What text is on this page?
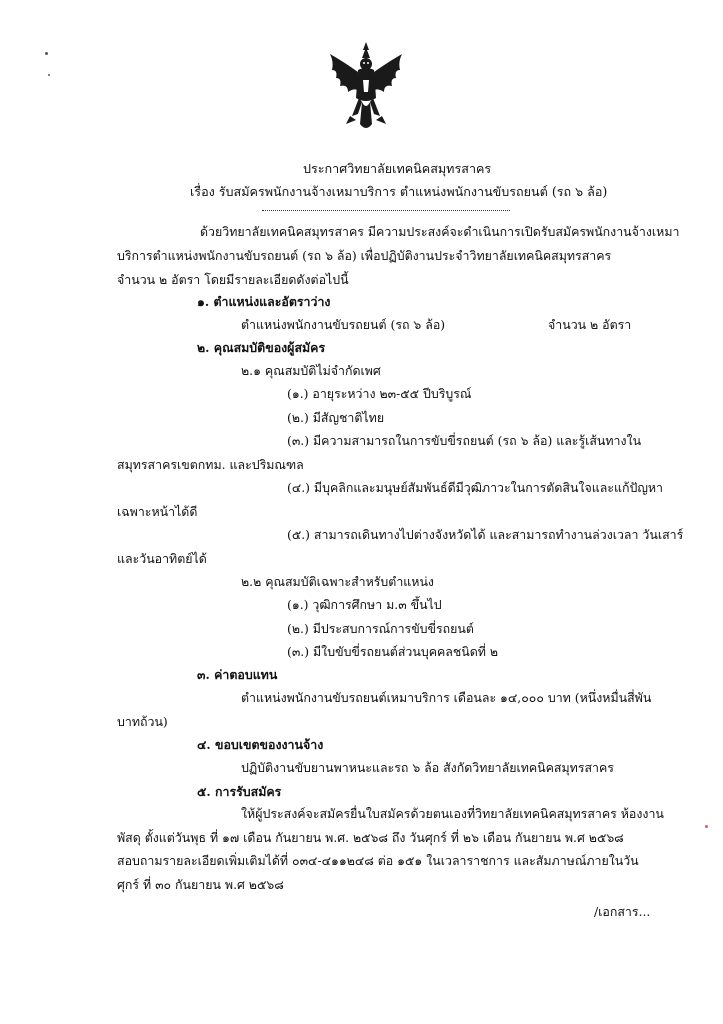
ประกาศวิทยาลัยเทคนิคสมุทรสาคร
เรื่อง รับสมัครพนักงานจ้างเหมาบริการ ตำแหน่งพนักงานขับรถยนต์ (รถ ๖ ล้อ)
ด้วยวิทยาลัยเทคนิคสมุทรสาคร มีความประสงค์จะดำเนินการเปิดรับสมัครพนักงานจ้างเหมา
บริการตำแหน่งพนักงานขับรถยนต์ (รถ ๖ ล้อ) เพื่อปฏิบัติงานประจำวิทยาลัยเทคนิคสมุทรสาคร
จำนวน ๒ อัตรา โดยมีรายละเอียดดังต่อไปนี้
๑. ตำแหน่งและอัตราว่าง
ตำแหน่งพนักงานขับรถยนต์ (รถ ๖ ล้อ)	จำนวน ๒ อัตรา
๒. คุณสมบัติของผู้สมัคร
๒.๑ คุณสมบัติไม่จำกัดเพศ
(๑.) อายุระหว่าง ๒๓-๕๕ ปีบริบูรณ์
(๒.) มีสัญชาติไทย
(๓.) มีความสามารถในการขับขี่รถยนต์ (รถ ๖ ล้อ) และรู้เส้นทางใน
สมุทรสาครเขตกทม. และปริมณฑล
(๔.) มีบุคลิกและมนุษย์สัมพันธ์ดีมีวุฒิภาวะในการตัดสินใจและแก้ปัญหา
เฉพาะหน้าได้ดี
(๕.) สามารถเดินทางไปต่างจังหวัดได้ และสามารถทำงานล่วงเวลา วันเสาร์
และวันอาทิตย์ได้
๒.๒ คุณสมบัติเฉพาะสำหรับตำแหน่ง
(๑.) วุฒิการศึกษา ม.๓ ขึ้นไป
(๒.) มีประสบการณ์การขับขี่รถยนต์
(๓.) มีใบขับขี่รถยนต์ส่วนบุคคลชนิดที่ ๒
๓. ค่าตอบแทน
ตำแหน่งพนักงานขับรถยนต์เหมาบริการ เดือนละ ๑๔,๐๐๐ บาท (หนึ่งหมื่นสี่พัน
บาทถ้วน)
๔. ขอบเขตของงานจ้าง
ปฏิบัติงานขับยานพาหนะและรถ ๖ ล้อ สังกัดวิทยาลัยเทคนิคสมุทรสาคร
๕. การรับสมัคร
ให้ผู้ประสงค์จะสมัครยื่นใบสมัครด้วยตนเองที่วิทยาลัยเทคนิคสมุทรสาคร ห้องงาน
พัสดุ ตั้งแต่วันพุธ ที่ ๑๗ เดือน กันยายน พ.ศ. ๒๕๖๘ ถึง วันศุกร์ ที่ ๒๖ เดือน กันยายน พ.ศ ๒๕๖๘
สอบถามรายละเอียดเพิ่มเติมได้ที่ ๐๓๔-๔๑๑๒๔๘ ต่อ ๑๕๑ ในเวลาราชการ และสัมภาษณ์ภายในวัน
ศุกร์ ที่ ๓๐ กันยายน พ.ศ ๒๕๖๘
/เอกสาร...
